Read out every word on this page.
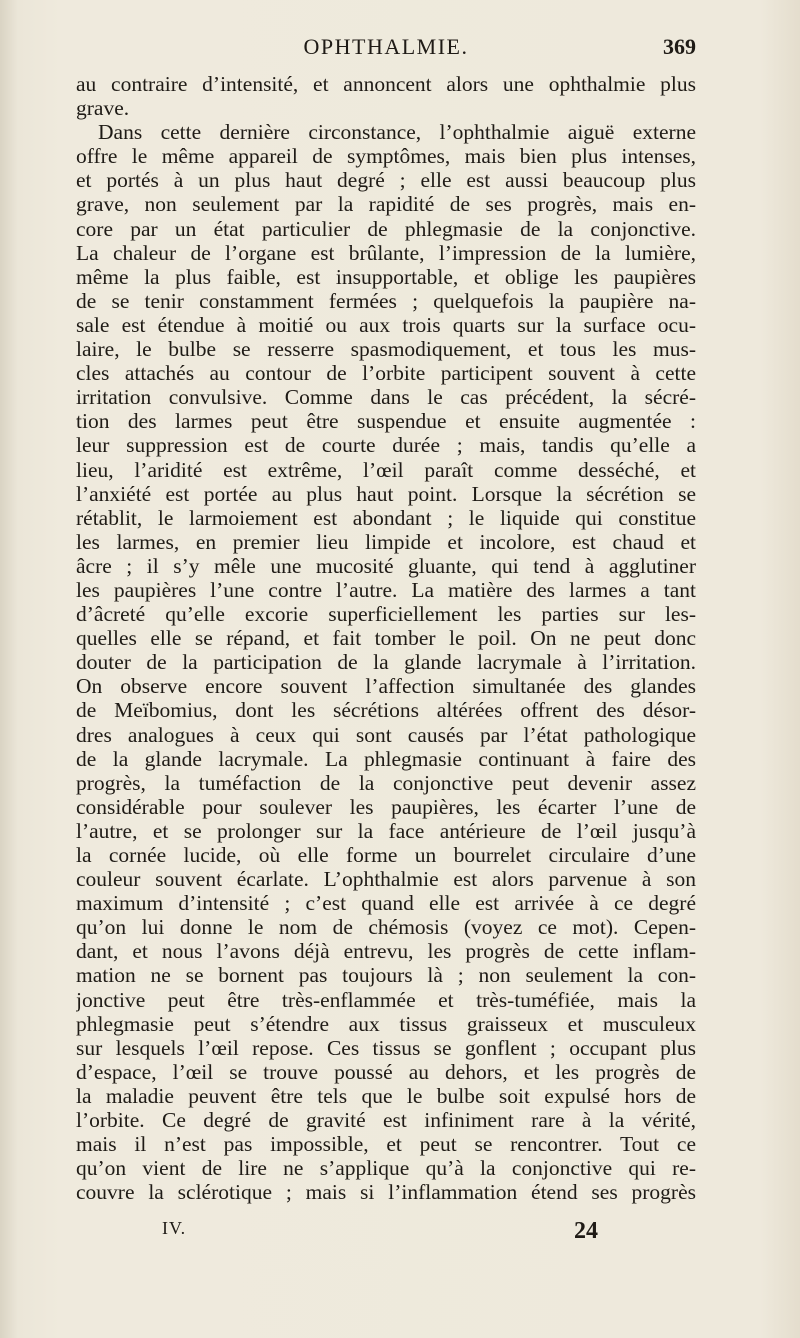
OPHTHALMIE.	369
au contraire d’intensité, et annoncent alors une ophthalmie plus
grave.
Dans cette dernière circonstance, l’ophthalmie aiguë externe
offre le même appareil de symptômes, mais bien plus intenses,
et portés à un plus haut degré ; elle est aussi beaucoup plus
grave, non seulement par la rapidité de ses progrès, mais en-
core par un état particulier de phlegmasie de la conjonctive.
La chaleur de l’organe est brûlante, l’impression de la lumière,
même la plus faible, est insupportable, et oblige les paupières
de se tenir constamment fermées ; quelquefois la paupière na-
sale est étendue à moitié ou aux trois quarts sur la surface ocu-
laire, le bulbe se resserre spasmodiquement, et tous les mus-
cles attachés au contour de l’orbite participent souvent à cette
irritation convulsive. Comme dans le cas précédent, la sécré-
tion des larmes peut être suspendue et ensuite augmentée :
leur suppression est de courte durée ; mais, tandis qu’elle a
lieu, l’aridité est extrême, l’œil paraît comme desséché, et
l’anxiété est portée au plus haut point. Lorsque la sécrétion se
rétablit, le larmoiement est abondant ; le liquide qui constitue
les larmes, en premier lieu limpide et incolore, est chaud et
âcre ; il s’y mêle une mucosité gluante, qui tend à agglutiner
les paupières l’une contre l’autre. La matière des larmes a tant
d’âcreté qu’elle excorie superficiellement les parties sur les-
quelles elle se répand, et fait tomber le poil. On ne peut donc
douter de la participation de la glande lacrymale à l’irritation.
On observe encore souvent l’affection simultanée des glandes
de Meïbomius, dont les sécrétions altérées offrent des désor-
dres analogues à ceux qui sont causés par l’état pathologique
de la glande lacrymale. La phlegmasie continuant à faire des
progrès, la tuméfaction de la conjonctive peut devenir assez
considérable pour soulever les paupières, les écarter l’une de
l’autre, et se prolonger sur la face antérieure de l’œil jusqu’à
la cornée lucide, où elle forme un bourrelet circulaire d’une
couleur souvent écarlate. L’ophthalmie est alors parvenue à son
maximum d’intensité ; c’est quand elle est arrivée à ce degré
qu’on lui donne le nom de chémosis (voyez ce mot). Cepen-
dant, et nous l’avons déjà entrevu, les progrès de cette inflam-
mation ne se bornent pas toujours là ; non seulement la con-
jonctive peut être très-enflammée et très-tuméfiée, mais la
phlegmasie peut s’étendre aux tissus graisseux et musculeux
sur lesquels l’œil repose. Ces tissus se gonflent ; occupant plus
d’espace, l’œil se trouve poussé au dehors, et les progrès de
la maladie peuvent être tels que le bulbe soit expulsé hors de
l’orbite. Ce degré de gravité est infiniment rare à la vérité,
mais il n’est pas impossible, et peut se rencontrer. Tout ce
qu’on vient de lire ne s’applique qu’à la conjonctive qui re-
couvre la sclérotique ; mais si l’inflammation étend ses progrès
IV.	24
